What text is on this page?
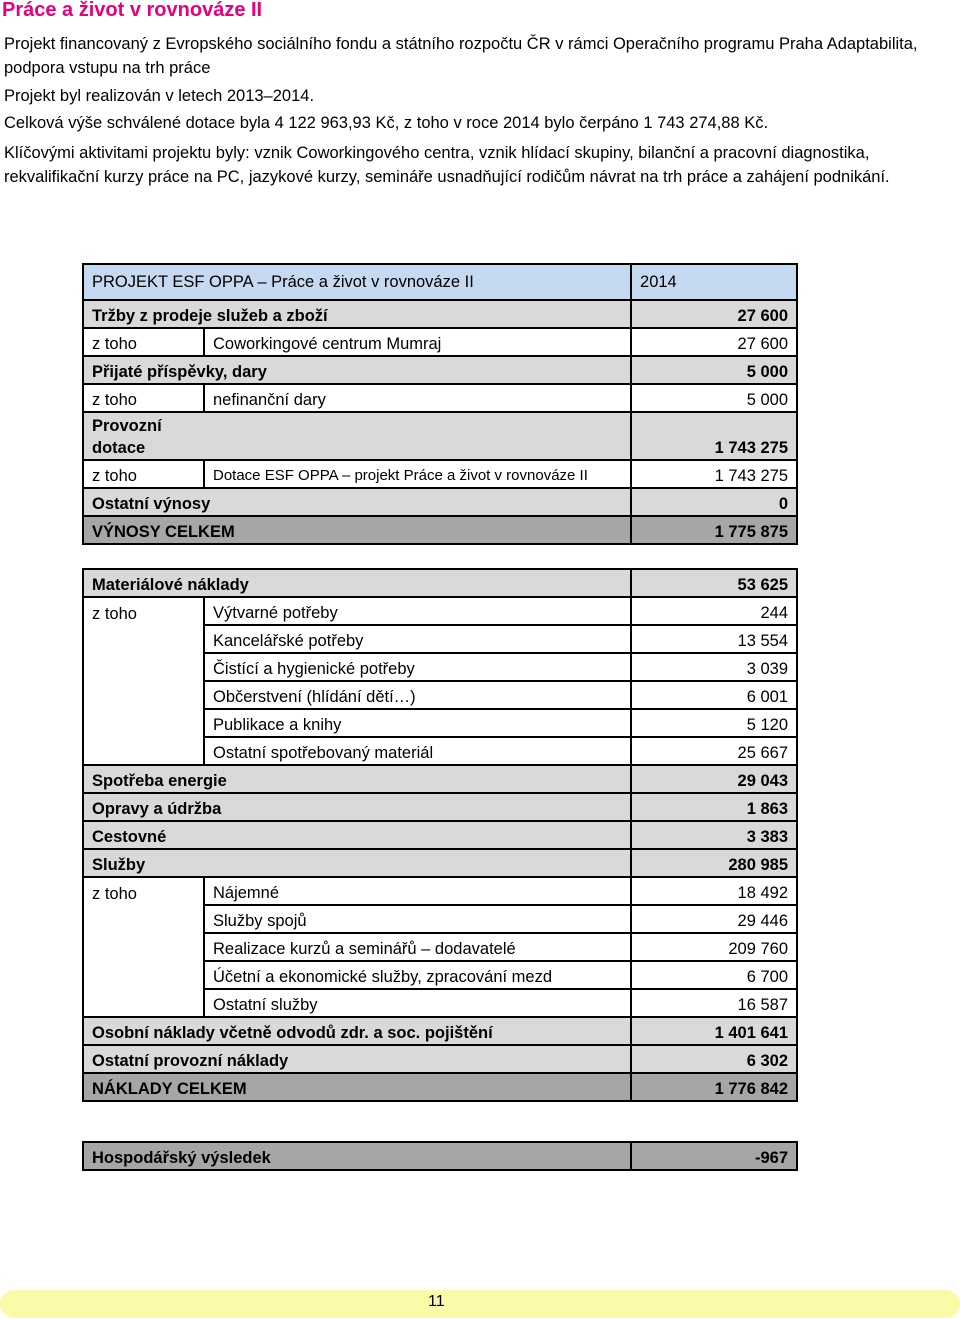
Práce a život v rovnováze II
Projekt financovaný z Evropského sociálního fondu a státního rozpočtu ČR v rámci Operačního programu Praha Adaptabilita, podpora vstupu na trh práce
Projekt byl realizován v letech 2013–2014.
Celková výše schválené dotace byla 4 122 963,93 Kč, z toho v roce 2014 bylo čerpáno 1 743 274,88 Kč.
Klíčovými aktivitami projektu byly: vznik Coworkingového centra, vznik hlídací skupiny, bilanční a pracovní diagnostika, rekvalifikační kurzy práce na PC, jazykové kurzy, semináře usnadňující rodičům návrat na trh práce a zahájení podnikání.
PROJEKT ESF OPPA – Práce a život v rovnováze II		2014
Tržby z prodeje služeb a zboží		27 600
z toho	Coworkingové centrum Mumraj	27 600
Přijaté příspěvky, dary		5 000
z toho	nefinanční dary	5 000
Provozní
dotace		1 743 275
z toho	Dotace ESF OPPA – projekt Práce a život v rovnováze II	1 743 275
Ostatní výnosy		0
VÝNOSY CELKEM		1 775 875
Materiálové náklady		53 625
z toho	Výtvarné potřeby	244
	Kancelářské potřeby	13 554
	Čistící a hygienické potřeby	3 039
	Občerstvení (hlídání dětí…)	6 001
	Publikace a knihy	5 120
	Ostatní spotřebovaný materiál	25 667
Spotřeba energie		29 043
Opravy a údržba		1 863
Cestovné		3 383
Služby		280 985
z toho	Nájemné	18 492
	Služby spojů	29 446
	Realizace kurzů a seminářů – dodavatelé	209 760
	Účetní a ekonomické služby, zpracování mezd	6 700
	Ostatní služby	16 587
Osobní náklady včetně odvodů zdr. a soc. pojištění		1 401 641
Ostatní provozní náklady		6 302
NÁKLADY CELKEM		1 776 842
Hospodářský výsledek	-967
11
